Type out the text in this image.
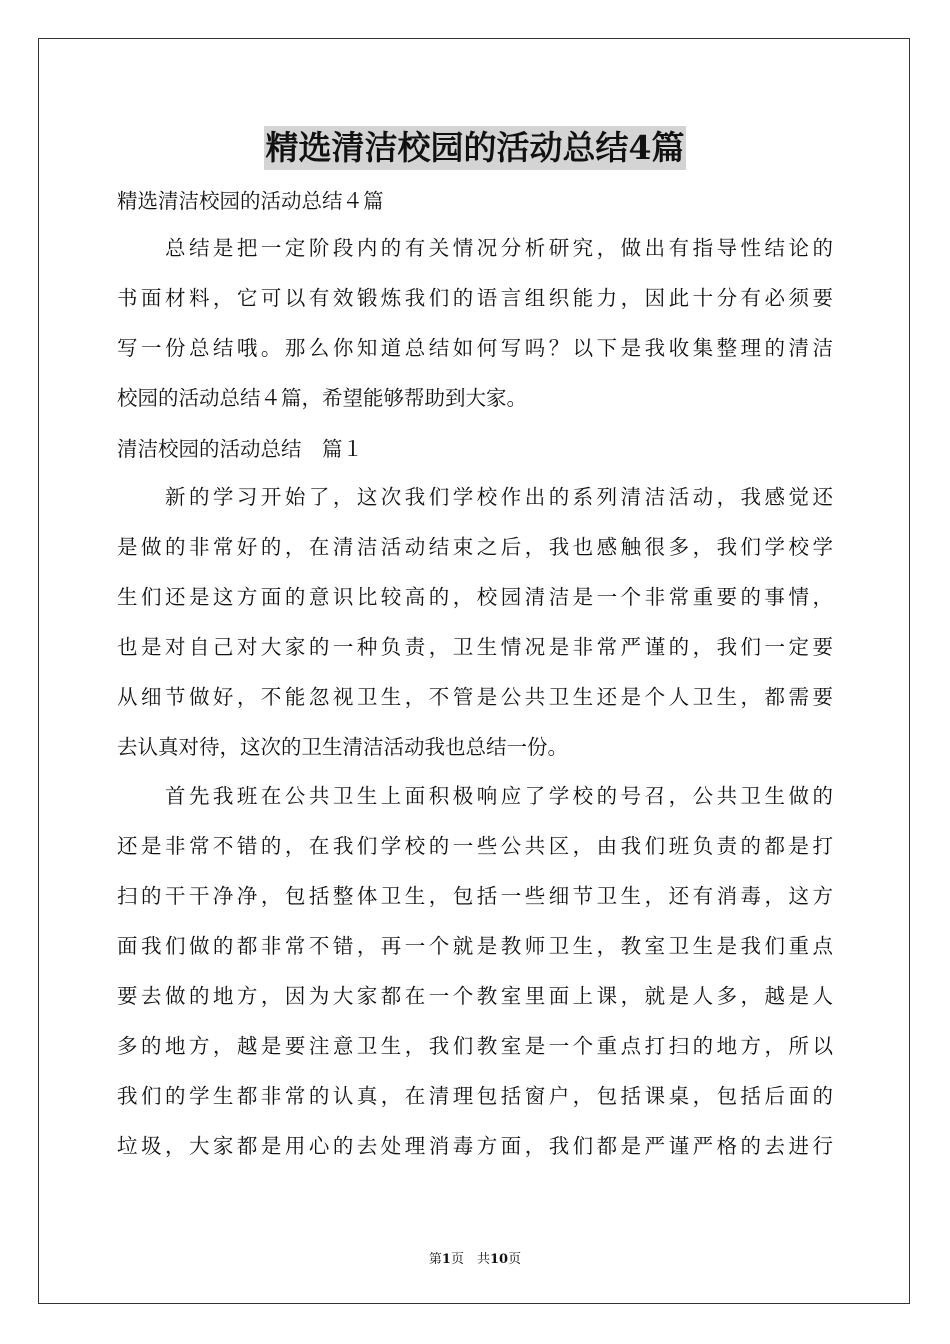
精选清洁校园的活动总结4篇
精选清洁校园的活动总结４篇
　　总结是把一定阶段内的有关情况分析研究，做出有指导性结论的
书面材料，它可以有效锻炼我们的语言组织能力，因此十分有必须要
写一份总结哦。那么你知道总结如何写吗？以下是我收集整理的清洁
校园的活动总结４篇，希望能够帮助到大家。
清洁校园的活动总结　篇１
　　新的学习开始了，这次我们学校作出的系列清洁活动，我感觉还
是做的非常好的，在清洁活动结束之后，我也感触很多，我们学校学
生们还是这方面的意识比较高的，校园清洁是一个非常重要的事情，
也是对自己对大家的一种负责，卫生情况是非常严谨的，我们一定要
从细节做好，不能忽视卫生，不管是公共卫生还是个人卫生，都需要
去认真对待，这次的卫生清洁活动我也总结一份。
　　首先我班在公共卫生上面积极响应了学校的号召，公共卫生做的
还是非常不错的，在我们学校的一些公共区，由我们班负责的都是打
扫的干干净净，包括整体卫生，包括一些细节卫生，还有消毒，这方
面我们做的都非常不错，再一个就是教师卫生，教室卫生是我们重点
要去做的地方，因为大家都在一个教室里面上课，就是人多，越是人
多的地方，越是要注意卫生，我们教室是一个重点打扫的地方，所以
我们的学生都非常的认真，在清理包括窗户，包括课桌，包括后面的
垃圾，大家都是用心的去处理消毒方面，我们都是严谨严格的去进行
第1页　共10页
